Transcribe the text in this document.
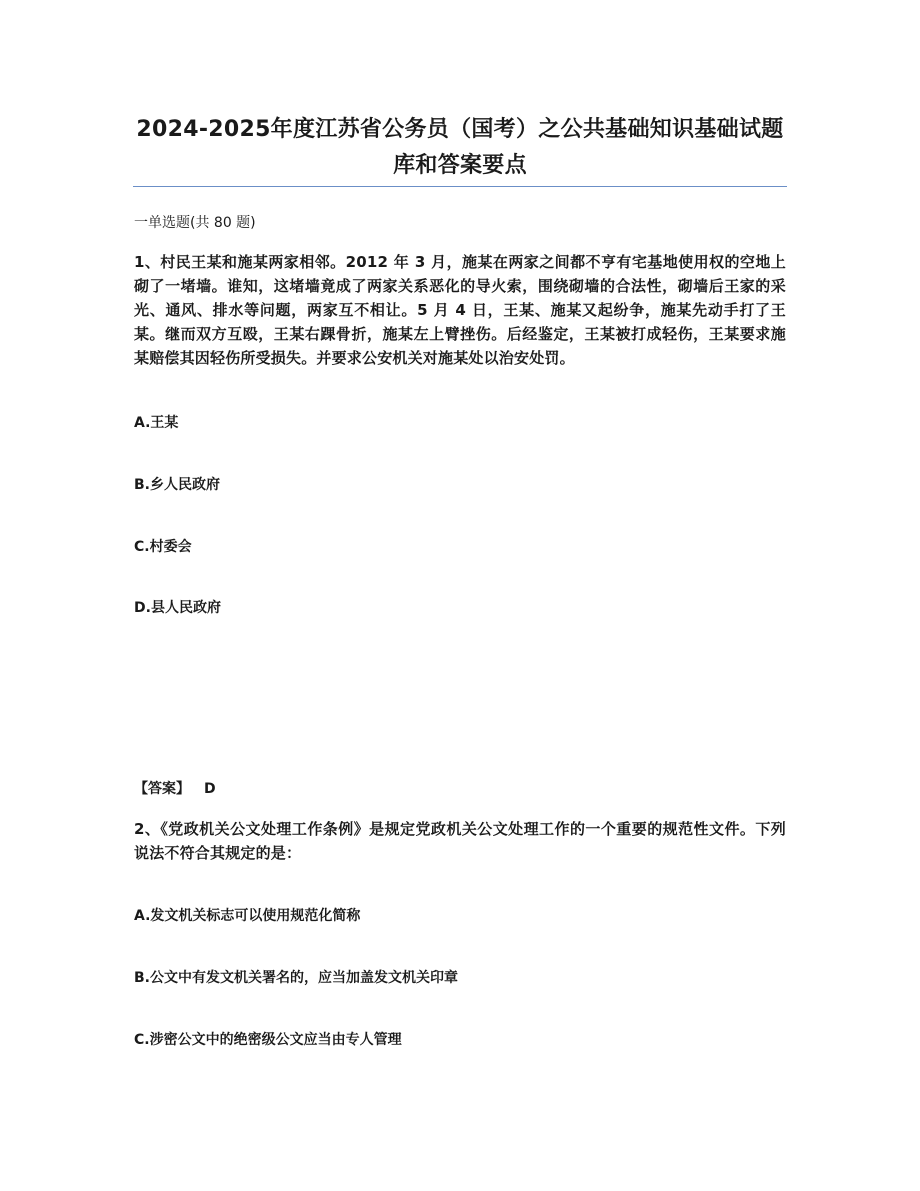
2024-2025年度江苏省公务员（国考）之公共基础知识基础试题库和答案要点
一单选题(共 80 题)
1、村民王某和施某两家相邻。2012 年 3 月，施某在两家之间都不亨有宅基地使用权的空地上砌了一堵墙。谁知，这堵墙竟成了两家关系恶化的导火索，围绕砌墙的合法性，砌墙后王家的采光、通风、排水等问题，两家互不相让。5 月 4 日，王某、施某又起纷争，施某先动手打了王某。继而双方互殴，王某右踝骨折，施某左上臂挫伤。后经鉴定，王某被打成轻伤，王某要求施某赔偿其因轻伤所受损失。并要求公安机关对施某处以治安处罚。
A.王某
B.乡人民政府
C.村委会
D.县人民政府
【答案】 D
2、《党政机关公文处理工作条例》是规定党政机关公文处理工作的一个重要的规范性文件。下列说法不符合其规定的是：
A.发文机关标志可以使用规范化简称
B.公文中有发文机关署名的，应当加盖发文机关印章
C.涉密公文中的绝密级公文应当由专人管理
